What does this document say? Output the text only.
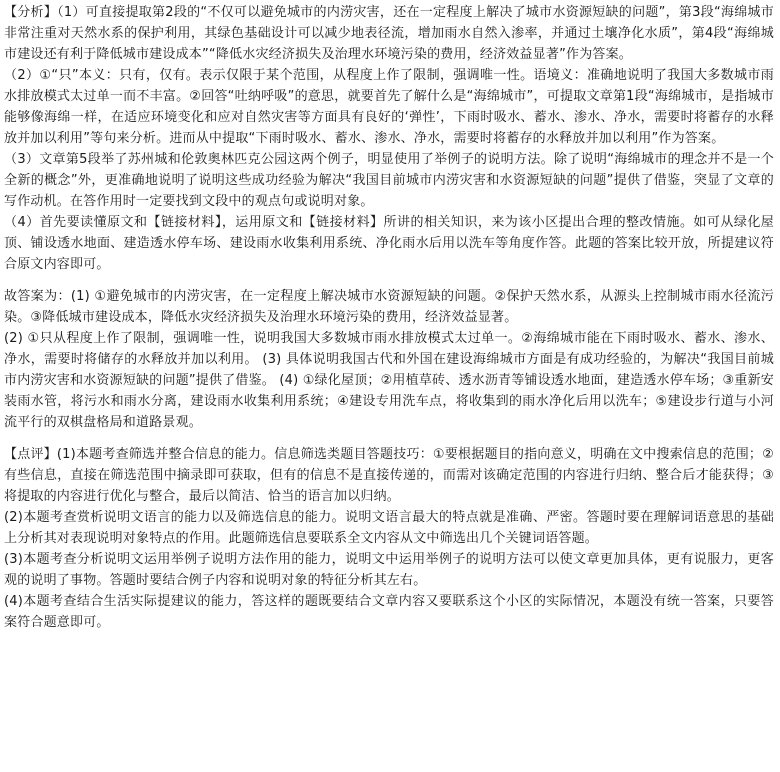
【分析】（1）可直接提取第2段的“不仅可以避免城市的内涝灾害，还在一定程度上解决了城市水资源短缺的问题”，第3段“海绵城市非常注重对天然水系的保护利用，其绿色基础设计可以减少地表径流，增加雨水自然入渗率，并通过土壤净化水质”，第4段“海绵城市建设还有利于降低城市建设成本”“降低水灾经济损失及治理水环境污染的费用，经济效益显著”作为答案。

（2）①“只”本义：只有，仅有。表示仅限于某个范围，从程度上作了限制，强调唯一性。语境义：准确地说明了我国大多数城市雨水排放模式太过单一而不丰富。②回答“吐纳呼吸”的意思，就要首先了解什么是“海绵城市”，可提取文章第1段“海绵城市，是指城市能够像海绵一样，在适应环境变化和应对自然灾害等方面具有良好的‘弹性’，下雨时吸水、蓄水、渗水、净水，需要时将蓄存的水释放并加以利用”等句来分析。进而从中提取“下雨时吸水、蓄水、渗水、净水，需要时将蓄存的水释放并加以利用”作为答案。

（3）文章第5段举了苏州城和伦敦奥林匹克公园这两个例子，明显使用了举例子的说明方法。除了说明“海绵城市的理念并不是一个全新的概念”外，更准确地说明了说明这些成功经验为解决“我国目前城市内涝灾害和水资源短缺的问题”提供了借鉴，突显了文章的写作动机。在答作用时一定要找到文段中的观点句或说明对象。

（4）首先要读懂原文和【链接材料】，运用原文和【链接材料】所讲的相关知识，来为该小区提出合理的整改情施。如可从绿化屋顶、铺设透水地面、建造透水停车场、建设雨水收集利用系统、净化雨水后用以洗车等角度作答。此题的答案比较开放，所提建议符合原文内容即可。

故答案为：(1) ①避免城市的内涝灾害，在一定程度上解决城市水资源短缺的问题。②保护天然水系，从源头上控制城市雨水径流污染。③降低城市建设成本，降低水灾经济损失及治理水环境污染的费用，经济效益显著。

(2) ①只从程度上作了限制，强调唯一性，说明我国大多数城市雨水排放模式太过单一。②海绵城市能在下雨时吸水、蓄水、渗水、净水，需要时将储存的水释放并加以利用。 (3) 具体说明我国古代和外国在建设海绵城市方面是有成功经验的，为解决“我国目前城市内涝灾害和水资源短缺的问题”提供了借鉴。 (4) ①绿化屋顶；②用植草砖、透水沥青等铺设透水地面，建造透水停车场；③重新安装雨水管，将污水和雨水分离，建设雨水收集利用系统；④建设专用洗车点，将收集到的雨水净化后用以洗车；⑤建设步行道与小河流平行的双棋盘格局和道路景观。

【点评】(1)本题考查筛选并整合信息的能力。信息筛选类题目答题技巧：①要根据题目的指向意义，明确在文中搜索信息的范围；②有些信息，直接在筛选范围中摘录即可获取，但有的信息不是直接传递的，而需对该确定范围的内容进行归纳、整合后才能获得；③将提取的内容进行优化与整合，最后以简洁、恰当的语言加以归纳。

(2)本题考查赏析说明文语言的能力以及筛选信息的能力。说明文语言最大的特点就是准确、严密。答题时要在理解词语意思的基础上分析其对表现说明对象特点的作用。此题筛选信息要联系全文内容从文中筛选出几个关键词语答题。

(3)本题考查分析说明文运用举例子说明方法作用的能力，说明文中运用举例子的说明方法可以使文章更加具体，更有说服力，更客观的说明了事物。答题时要结合例子内容和说明对象的特征分析其左右。

(4)本题考查结合生活实际提建议的能力，答这样的题既要结合文章内容又要联系这个小区的实际情况，本题没有统一答案，只要答案符合题意即可。
